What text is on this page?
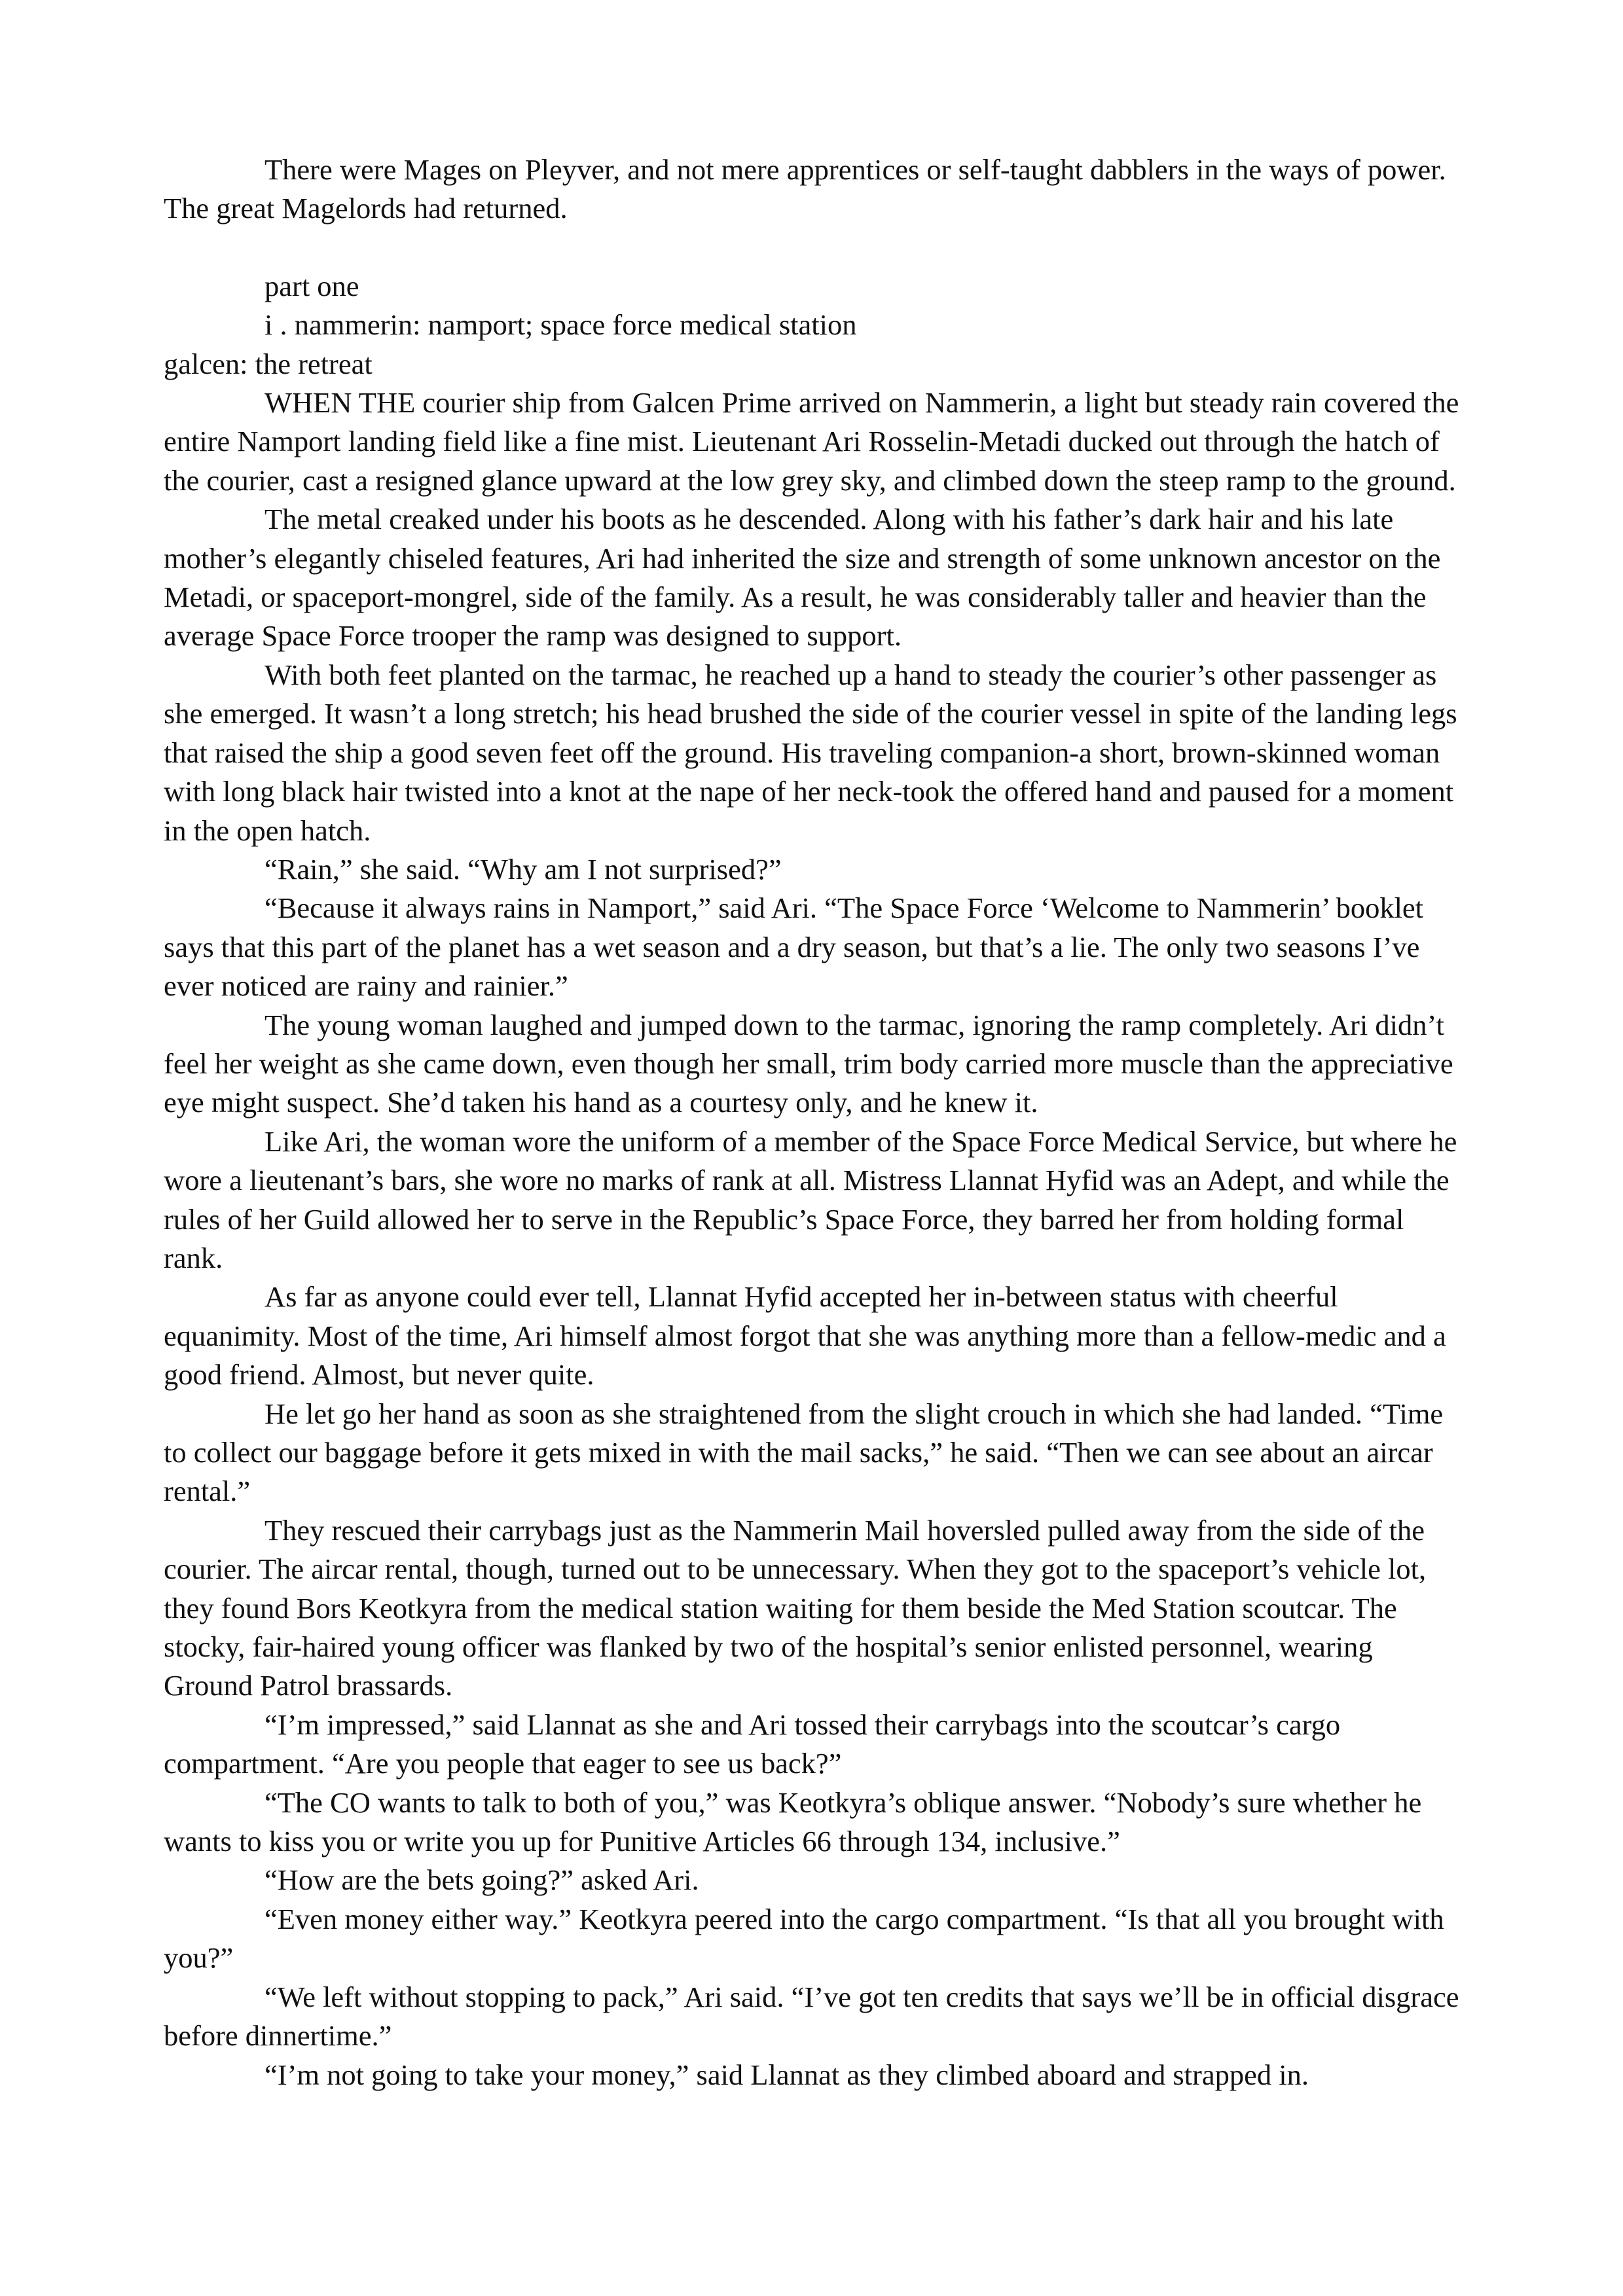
There were Mages on Pleyver, and not mere apprentices or self-taught dabblers in the ways of power. The great Magelords had returned.

part one

i . nammerin: namport; space force medical station

galcen: the retreat

WHEN THE courier ship from Galcen Prime arrived on Nammerin, a light but steady rain covered the entire Namport landing field like a fine mist. Lieutenant Ari Rosselin-Metadi ducked out through the hatch of the courier, cast a resigned glance upward at the low grey sky, and climbed down the steep ramp to the ground.

The metal creaked under his boots as he descended. Along with his father’s dark hair and his late mother’s elegantly chiseled features, Ari had inherited the size and strength of some unknown ancestor on the Metadi, or spaceport-mongrel, side of the family. As a result, he was considerably taller and heavier than the average Space Force trooper the ramp was designed to support.

With both feet planted on the tarmac, he reached up a hand to steady the courier’s other passenger as she emerged. It wasn’t a long stretch; his head brushed the side of the courier vessel in spite of the landing legs that raised the ship a good seven feet off the ground. His traveling companion-a short, brown-skinned woman with long black hair twisted into a knot at the nape of her neck-took the offered hand and paused for a moment in the open hatch.

“Rain,” she said. “Why am I not surprised?”

“Because it always rains in Namport,” said Ari. “The Space Force ‘Welcome to Nammerin’ booklet says that this part of the planet has a wet season and a dry season, but that’s a lie. The only two seasons I’ve ever noticed are rainy and rainier.”

The young woman laughed and jumped down to the tarmac, ignoring the ramp completely. Ari didn’t feel her weight as she came down, even though her small, trim body carried more muscle than the appreciative eye might suspect. She’d taken his hand as a courtesy only, and he knew it.

Like Ari, the woman wore the uniform of a member of the Space Force Medical Service, but where he wore a lieutenant’s bars, she wore no marks of rank at all. Mistress Llannat Hyfid was an Adept, and while the rules of her Guild allowed her to serve in the Republic’s Space Force, they barred her from holding formal rank.

As far as anyone could ever tell, Llannat Hyfid accepted her in-between status with cheerful equanimity. Most of the time, Ari himself almost forgot that she was anything more than a fellow-medic and a good friend. Almost, but never quite.

He let go her hand as soon as she straightened from the slight crouch in which she had landed. “Time to collect our baggage before it gets mixed in with the mail sacks,” he said. “Then we can see about an aircar rental.”

They rescued their carrybags just as the Nammerin Mail hoversled pulled away from the side of the courier. The aircar rental, though, turned out to be unnecessary. When they got to the spaceport’s vehicle lot, they found Bors Keotkyra from the medical station waiting for them beside the Med Station scoutcar. The stocky, fair-haired young officer was flanked by two of the hospital’s senior enlisted personnel, wearing Ground Patrol brassards.

“I’m impressed,” said Llannat as she and Ari tossed their carrybags into the scoutcar’s cargo compartment. “Are you people that eager to see us back?”

“The CO wants to talk to both of you,” was Keotkyra’s oblique answer. “Nobody’s sure whether he wants to kiss you or write you up for Punitive Articles 66 through 134, inclusive.”

“How are the bets going?” asked Ari.

“Even money either way.” Keotkyra peered into the cargo compartment. “Is that all you brought with you?”

“We left without stopping to pack,” Ari said. “I’ve got ten credits that says we’ll be in official disgrace before dinnertime.”

“I’m not going to take your money,” said Llannat as they climbed aboard and strapped in.
